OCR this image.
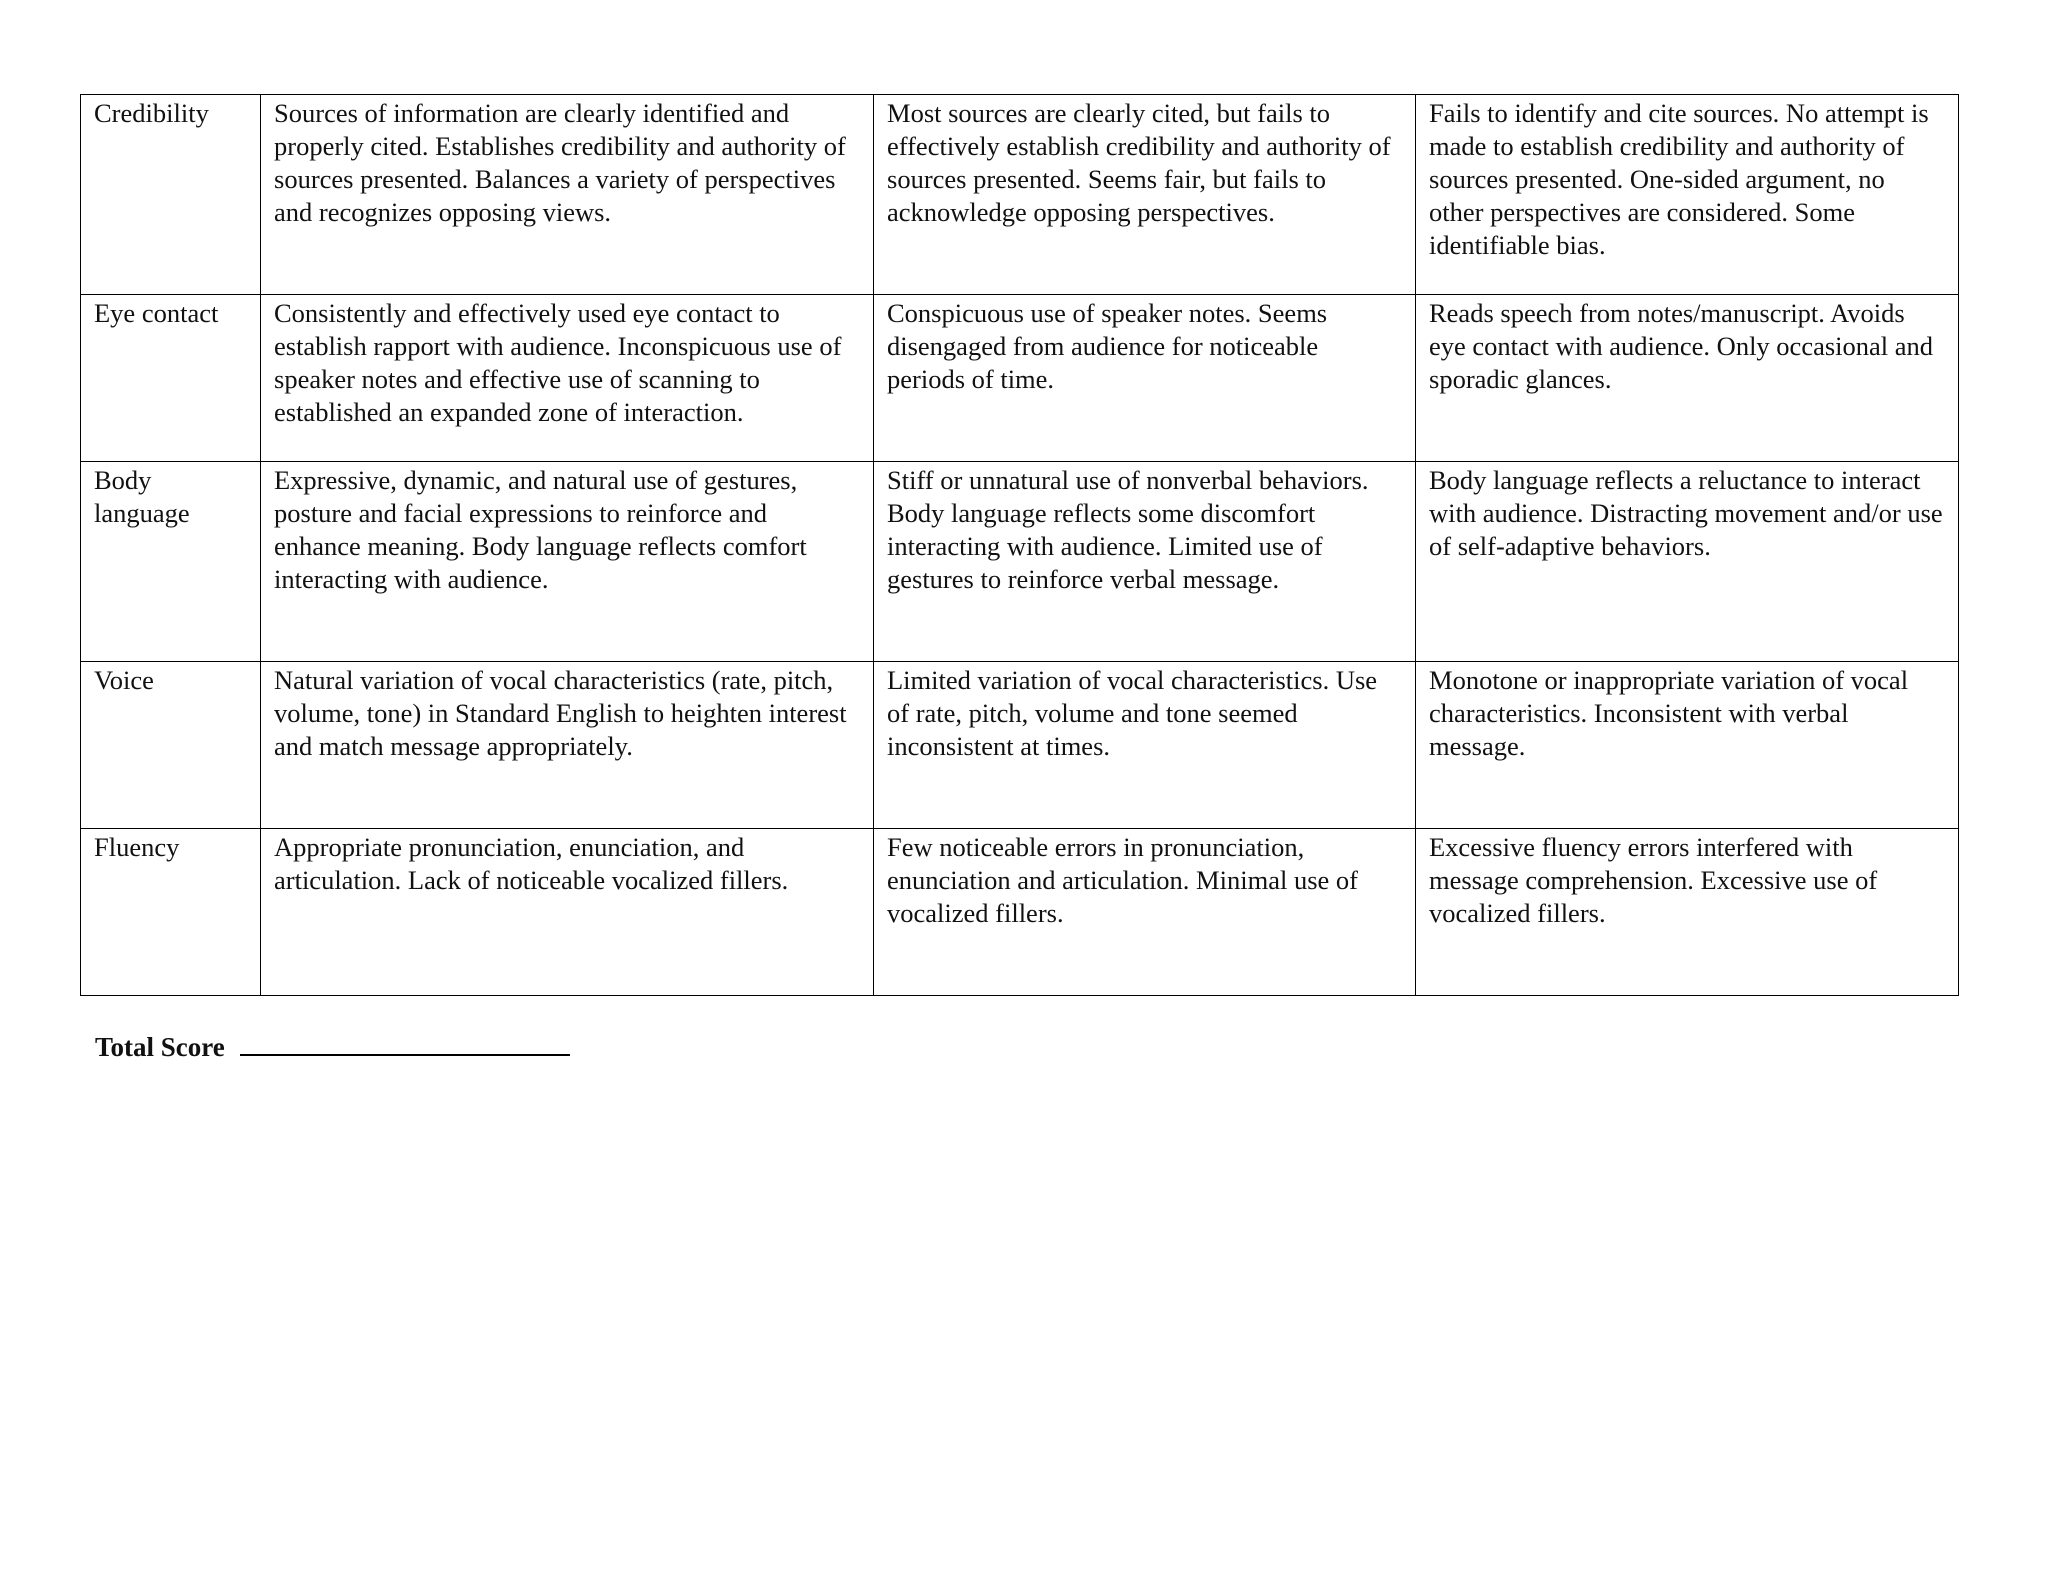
Credibility	Sources of information are clearly identified and properly cited. Establishes credibility and authority of sources presented. Balances a variety of perspectives and recognizes opposing views.	Most sources are clearly cited, but fails to effectively establish credibility and authority of sources presented. Seems fair, but fails to acknowledge opposing perspectives.	Fails to identify and cite sources. No attempt is made to establish credibility and authority of sources presented. One-sided argument, no other perspectives are considered. Some identifiable bias.
Eye contact	Consistently and effectively used eye contact to establish rapport with audience. Inconspicuous use of speaker notes and effective use of scanning to established an expanded zone of interaction.	Conspicuous use of speaker notes. Seems disengaged from audience for noticeable periods of time.	Reads speech from notes/manuscript. Avoids eye contact with audience. Only occasional and sporadic glances.
Body language	Expressive, dynamic, and natural use of gestures, posture and facial expressions to reinforce and enhance meaning. Body language reflects comfort interacting with audience.	Stiff or unnatural use of nonverbal behaviors. Body language reflects some discomfort interacting with audience. Limited use of gestures to reinforce verbal message.	Body language reflects a reluctance to interact with audience. Distracting movement and/or use of self-adaptive behaviors.
Voice	Natural variation of vocal characteristics (rate, pitch, volume, tone) in Standard English to heighten interest and match message appropriately.	Limited variation of vocal characteristics. Use of rate, pitch, volume and tone seemed inconsistent at times.	Monotone or inappropriate variation of vocal characteristics. Inconsistent with verbal message.
Fluency	Appropriate pronunciation, enunciation, and articulation. Lack of noticeable vocalized fillers.	Few noticeable errors in pronunciation, enunciation and articulation. Minimal use of vocalized fillers.	Excessive fluency errors interfered with message comprehension. Excessive use of vocalized fillers.
Total Score
